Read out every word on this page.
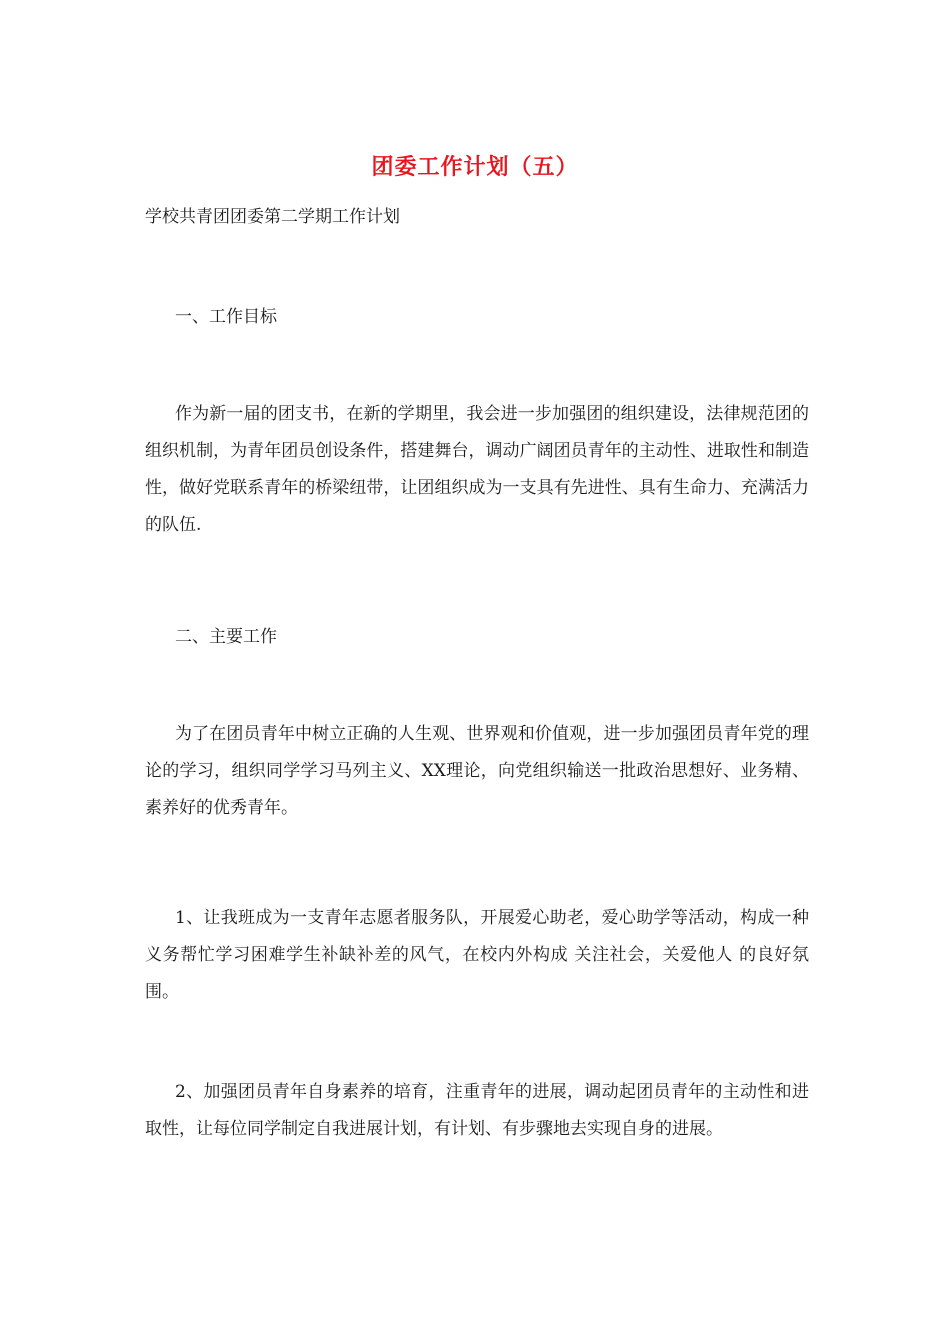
团委工作计划（五）

学校共青团团委第二学期工作计划

一、工作目标

作为新一届的团支书，在新的学期里，我会进一步加强团的组织建设，法律规范团的组织机制，为青年团员创设条件，搭建舞台，调动广阔团员青年的主动性、进取性和制造性，做好党联系青年的桥梁纽带，让团组织成为一支具有先进性、具有生命力、充满活力的队伍.

二、主要工作

为了在团员青年中树立正确的人生观、世界观和价值观，进一步加强团员青年党的理论的学习，组织同学学习马列主义、XX理论，向党组织输送一批政治思想好、业务精、素养好的优秀青年。

1、让我班成为一支青年志愿者服务队，开展爱心助老，爱心助学等活动，构成一种义务帮忙学习困难学生补缺补差的风气，在校内外构成 关注社会，关爱他人 的良好氛围。

2、加强团员青年自身素养的培育，注重青年的进展，调动起团员青年的主动性和进取性，让每位同学制定自我进展计划，有计划、有步骤地去实现自身的进展。
